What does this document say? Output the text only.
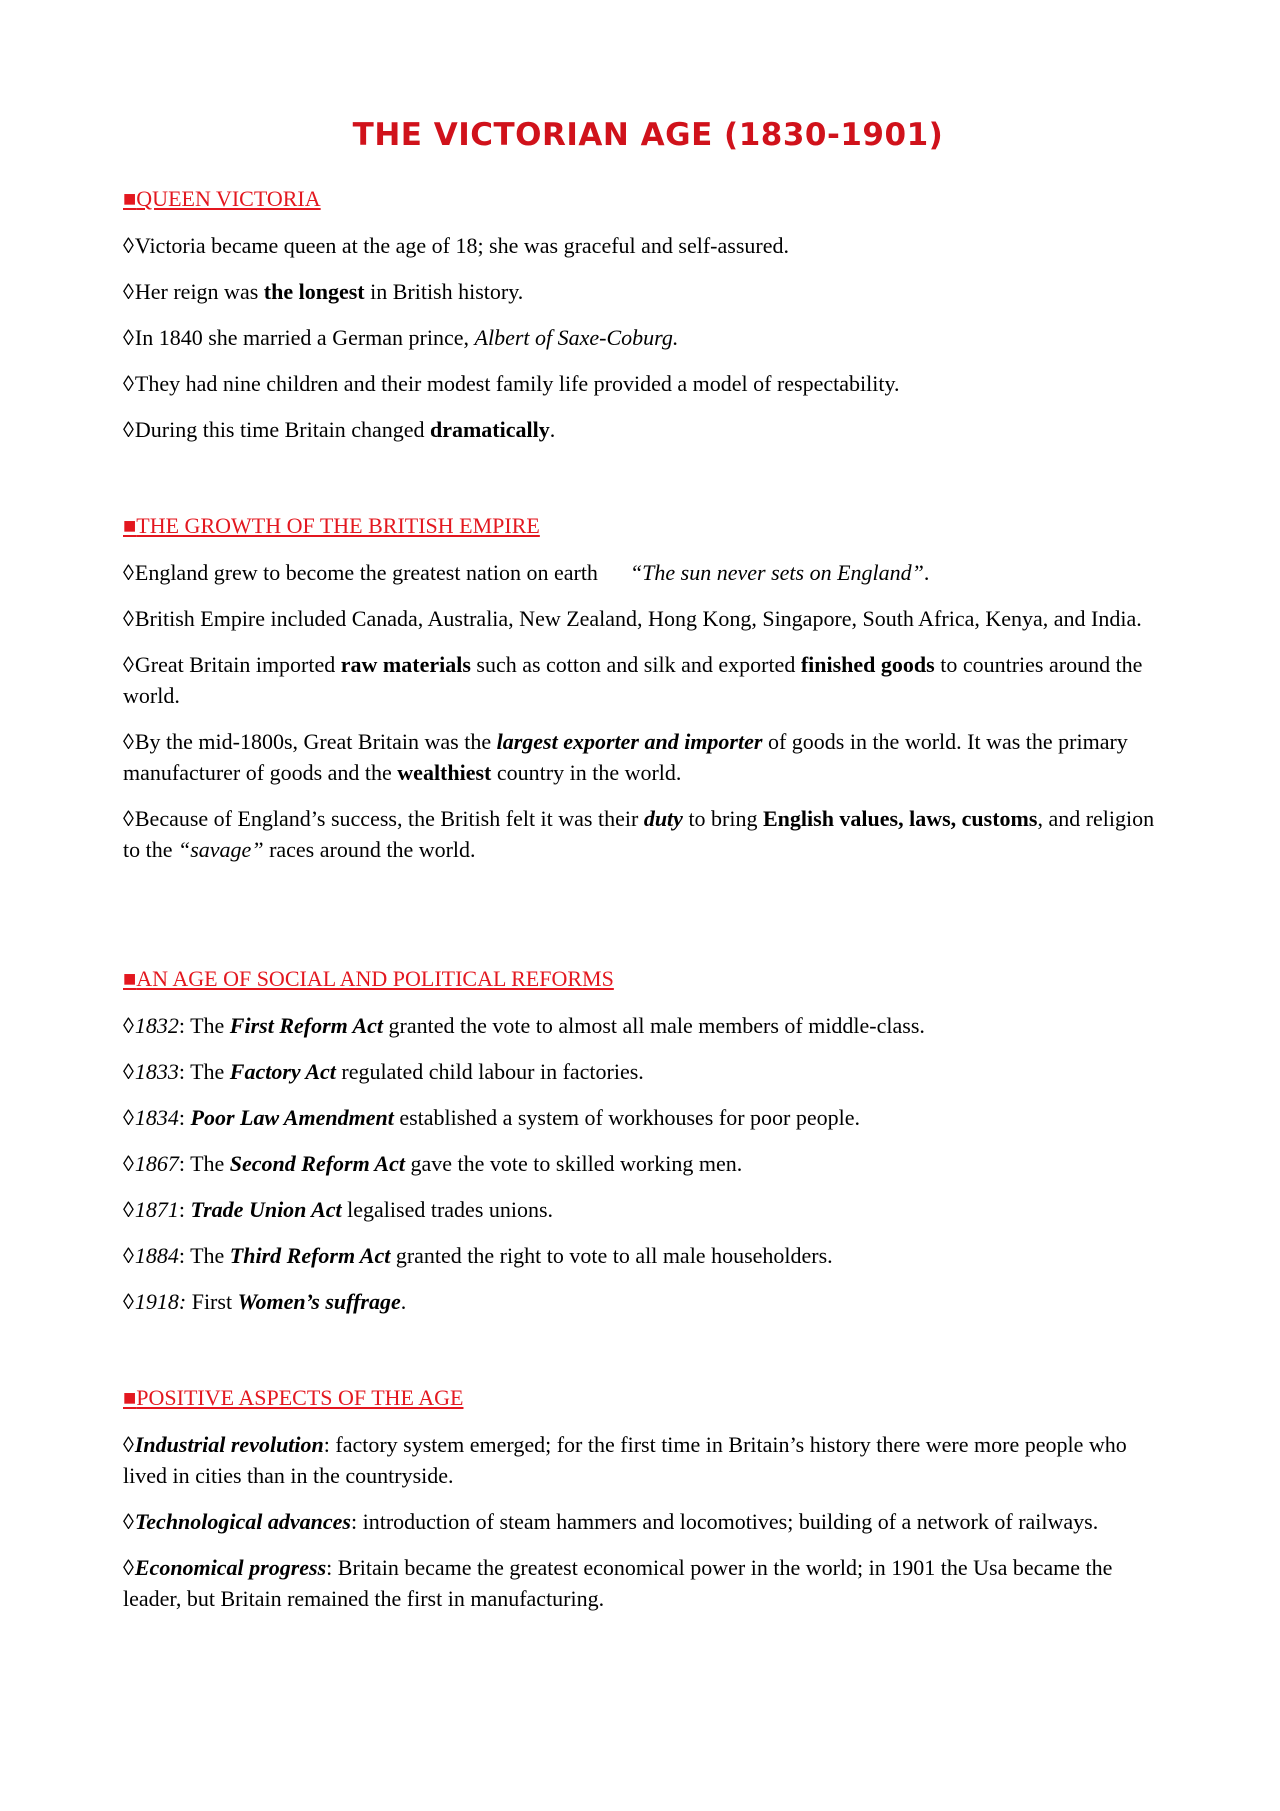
THE VICTORIAN AGE (1830-1901)

■QUEEN VICTORIA

◊Victoria became queen at the age of 18; she was graceful and self-assured.

◊Her reign was the longest in British history.

◊In 1840 she married a German prince, Albert of Saxe-Coburg.

◊They had nine children and their modest family life provided a model of respectability.

◊During this time Britain changed dramatically.

■THE GROWTH OF THE BRITISH EMPIRE

◊England grew to become the greatest nation on earth “The sun never sets on England”.

◊British Empire included Canada, Australia, New Zealand, Hong Kong, Singapore, South Africa, Kenya, and India.

◊Great Britain imported raw materials such as cotton and silk and exported finished goods to countries around the world.

◊By the mid-1800s, Great Britain was the largest exporter and importer of goods in the world. It was the primary manufacturer of goods and the wealthiest country in the world.

◊Because of England’s success, the British felt it was their duty to bring English values, laws, customs, and religion to the “savage” races around the world.

■AN AGE OF SOCIAL AND POLITICAL REFORMS

◊1832: The First Reform Act granted the vote to almost all male members of middle-class.

◊1833: The Factory Act regulated child labour in factories.

◊1834: Poor Law Amendment established a system of workhouses for poor people.

◊1867: The Second Reform Act gave the vote to skilled working men.

◊1871: Trade Union Act legalised trades unions.

◊1884: The Third Reform Act granted the right to vote to all male householders.

◊1918: First Women’s suffrage.

■POSITIVE ASPECTS OF THE AGE

◊Industrial revolution: factory system emerged; for the first time in Britain’s history there were more people who lived in cities than in the countryside.

◊Technological advances: introduction of steam hammers and locomotives; building of a network of railways.

◊Economical progress: Britain became the greatest economical power in the world; in 1901 the Usa became the leader, but Britain remained the first in manufacturing.
